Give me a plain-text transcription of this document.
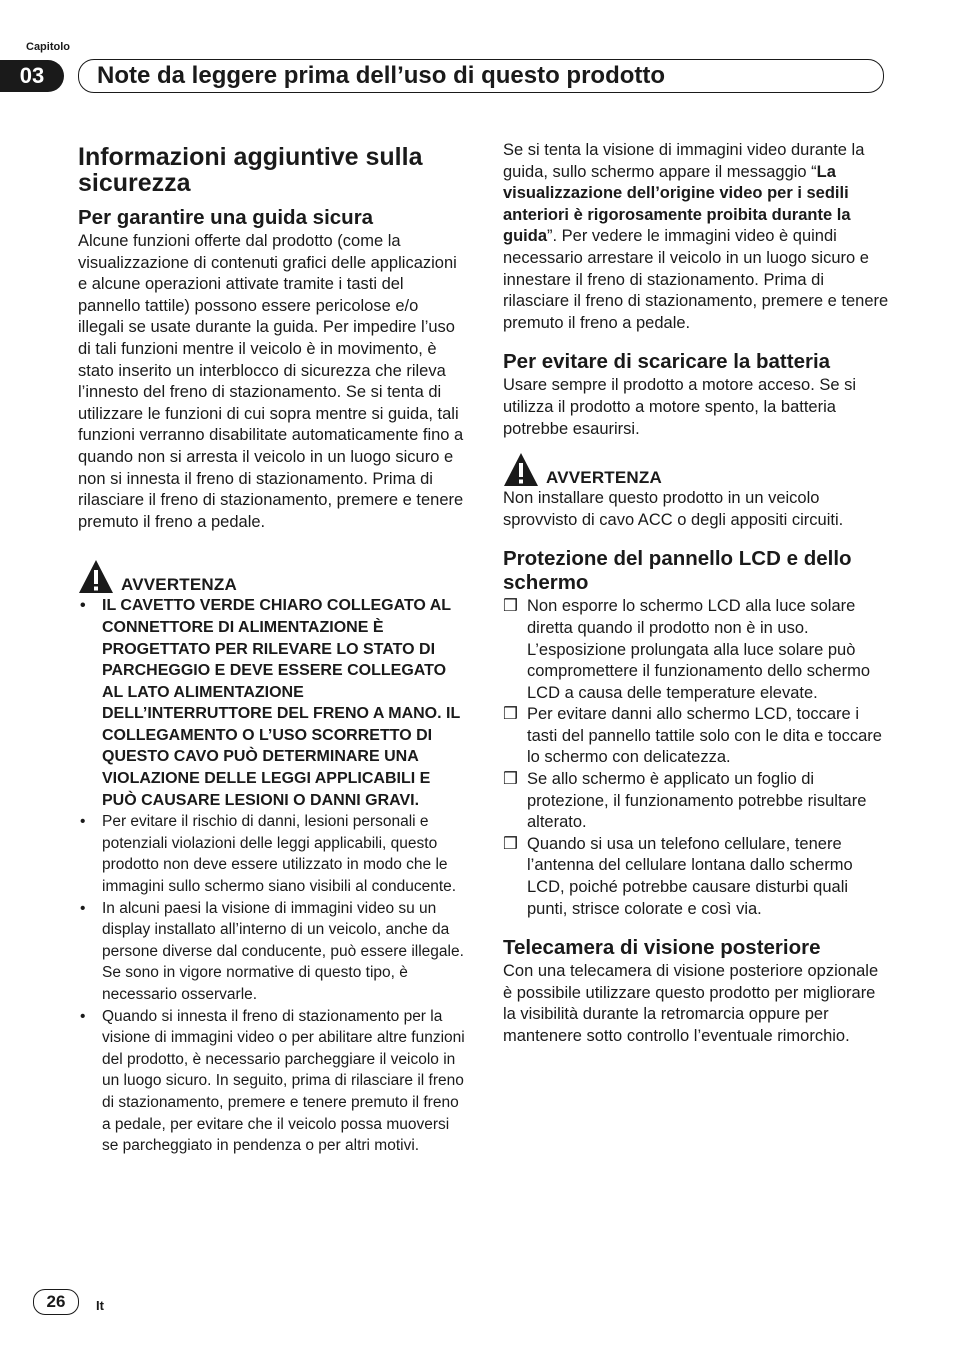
Capitolo
03	Note da leggere prima dell’uso di questo prodotto
Informazioni aggiuntive sulla sicurezza
Per garantire una guida sicura

Alcune funzioni offerte dal prodotto (come la visualizzazione di contenuti grafici delle applicazioni e alcune operazioni attivate tramite i tasti del pannello tattile) possono essere pericolose e/o illegali se usate durante la guida. Per impedire l’uso di tali funzioni mentre il veicolo è in movimento, è stato inserito un interblocco di sicurezza che rileva l’innesto del freno di stazionamento. Se si tenta di utilizzare le funzioni di cui sopra mentre si guida, tali funzioni verranno disabilitate automaticamente fino a quando non si arresta il veicolo in un luogo sicuro e non si innesta il freno di stazionamento. Prima di rilasciare il freno di stazionamento, premere e tenere premuto il freno a pedale.

AVVERTENZA
• IL CAVETTO VERDE CHIARO COLLEGATO AL CONNETTORE DI ALIMENTAZIONE È PROGETTATO PER RILEVARE LO STATO DI PARCHEGGIO E DEVE ESSERE COLLEGATO AL LATO ALIMENTAZIONE DELL’INTERRUTTORE DEL FRENO A MANO. IL COLLEGAMENTO O L’USO SCORRETTO DI QUESTO CAVO PUÒ DETERMINARE UNA VIOLAZIONE DELLE LEGGI APPLICABILI E PUÒ CAUSARE LESIONI O DANNI GRAVI.
• Per evitare il rischio di danni, lesioni personali e potenziali violazioni delle leggi applicabili, questo prodotto non deve essere utilizzato in modo che le immagini sullo schermo siano visibili al conducente.
• In alcuni paesi la visione di immagini video su un display installato all’interno di un veicolo, anche da persone diverse dal conducente, può essere illegale. Se sono in vigore normative di questo tipo, è necessario osservarle.
• Quando si innesta il freno di stazionamento per la visione di immagini video o per abilitare altre funzioni del prodotto, è necessario parcheggiare il veicolo in un luogo sicuro. In seguito, prima di rilasciare il freno di stazionamento, premere e tenere premuto il freno a pedale, per evitare che il veicolo possa muoversi se parcheggiato in pendenza o per altri motivi.

Se si tenta la visione di immagini video durante la guida, sullo schermo appare il messaggio “La visualizzazione dell’origine video per i sedili anteriori è rigorosamente proibita durante la guida”. Per vedere le immagini video è quindi necessario arrestare il veicolo in un luogo sicuro e innestare il freno di stazionamento. Prima di rilasciare il freno di stazionamento, premere e tenere premuto il freno a pedale.

Per evitare di scaricare la batteria

Usare sempre il prodotto a motore acceso. Se si utilizza il prodotto a motore spento, la batteria potrebbe esaurirsi.

AVVERTENZA

Non installare questo prodotto in un veicolo sprovvisto di cavo ACC o degli appositi circuiti.

Protezione del pannello LCD e dello schermo
❒ Non esporre lo schermo LCD alla luce solare diretta quando il prodotto non è in uso. L’esposizione prolungata alla luce solare può compromettere il funzionamento dello schermo LCD a causa delle temperature elevate.
❒ Per evitare danni allo schermo LCD, toccare i tasti del pannello tattile solo con le dita e toccare lo schermo con delicatezza.
❒ Se allo schermo è applicato un foglio di protezione, il funzionamento potrebbe risultare alterato.
❒ Quando si usa un telefono cellulare, tenere l’antenna del cellulare lontana dallo schermo LCD, poiché potrebbe causare disturbi quali punti, strisce colorate e così via.
Telecamera di visione posteriore

Con una telecamera di visione posteriore opzionale è possibile utilizzare questo prodotto per migliorare la visibilità durante la retromarcia oppure per mantenere sotto controllo l’eventuale rimorchio.

26	It
